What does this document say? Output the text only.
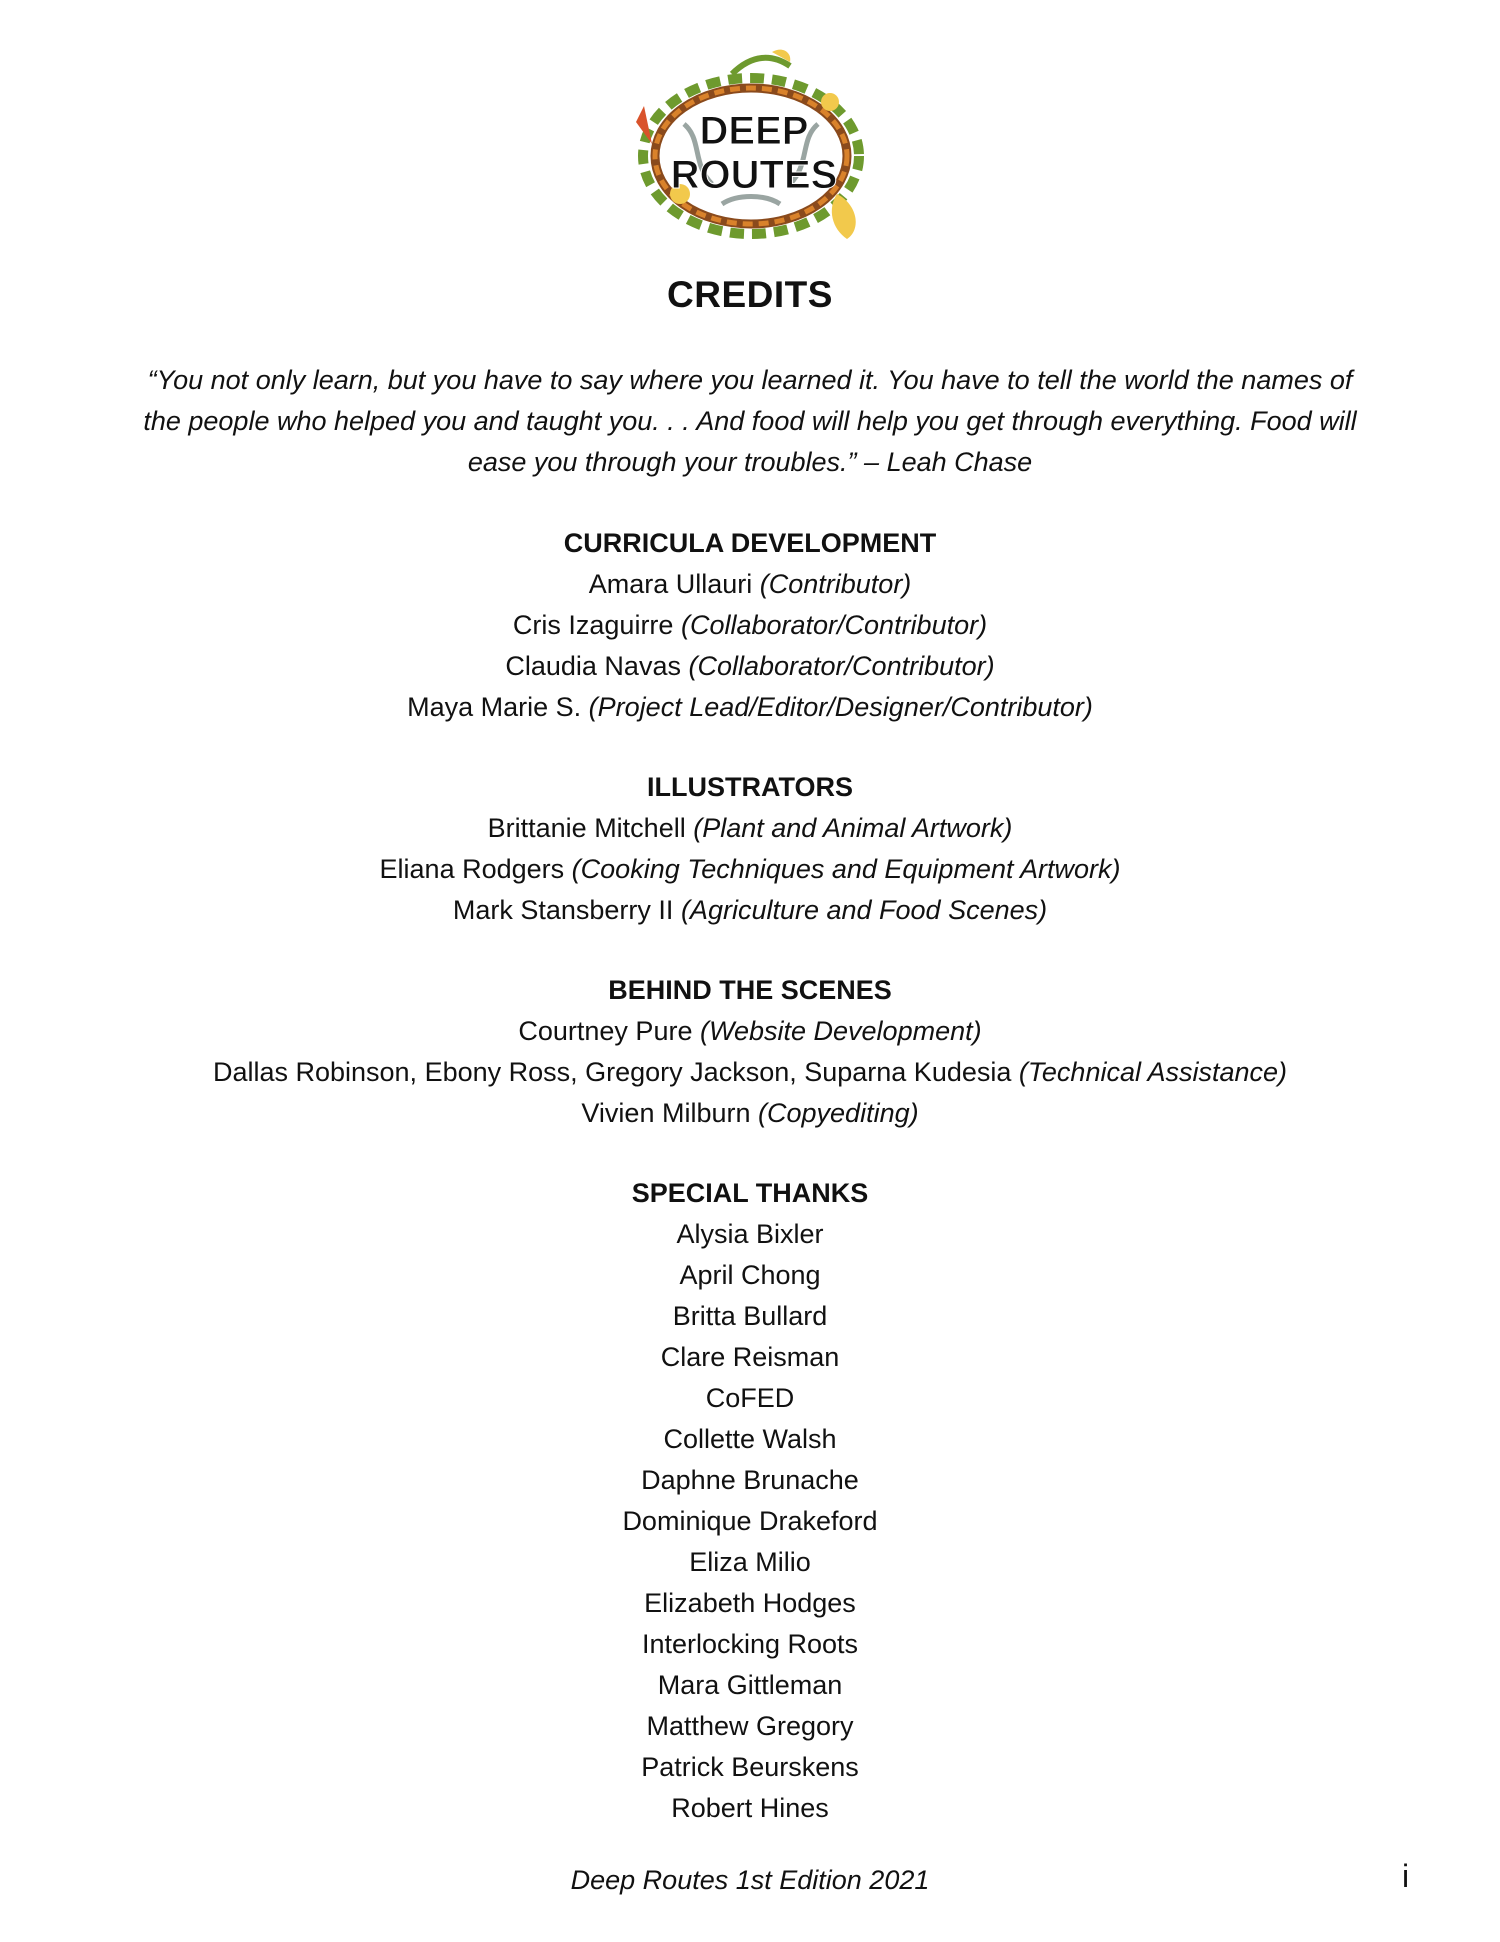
DEEP
ROUTES
CREDITS

“You not only learn, but you have to say where you learned it. You have to tell the world the names of the people who helped you and taught you. . . And food will help you get through everything. Food will ease you through your troubles.” – Leah Chase

CURRICULA DEVELOPMENT
Amara Ullauri (Contributor)
Cris Izaguirre (Collaborator/Contributor)
Claudia Navas (Collaborator/Contributor)
Maya Marie S. (Project Lead/Editor/Designer/Contributor)
ILLUSTRATORS
Brittanie Mitchell (Plant and Animal Artwork)
Eliana Rodgers (Cooking Techniques and Equipment Artwork)
Mark Stansberry II (Agriculture and Food Scenes)
BEHIND THE SCENES
Courtney Pure (Website Development)
Dallas Robinson, Ebony Ross, Gregory Jackson, Suparna Kudesia (Technical Assistance)
Vivien Milburn (Copyediting)
SPECIAL THANKS
Alysia Bixler
April Chong
Britta Bullard
Clare Reisman
CoFED
Collette Walsh
Daphne Brunache
Dominique Drakeford
Eliza Milio
Elizabeth Hodges
Interlocking Roots
Mara Gittleman
Matthew Gregory
Patrick Beurskens
Robert Hines
Deep Routes 1st Edition 2021	i
